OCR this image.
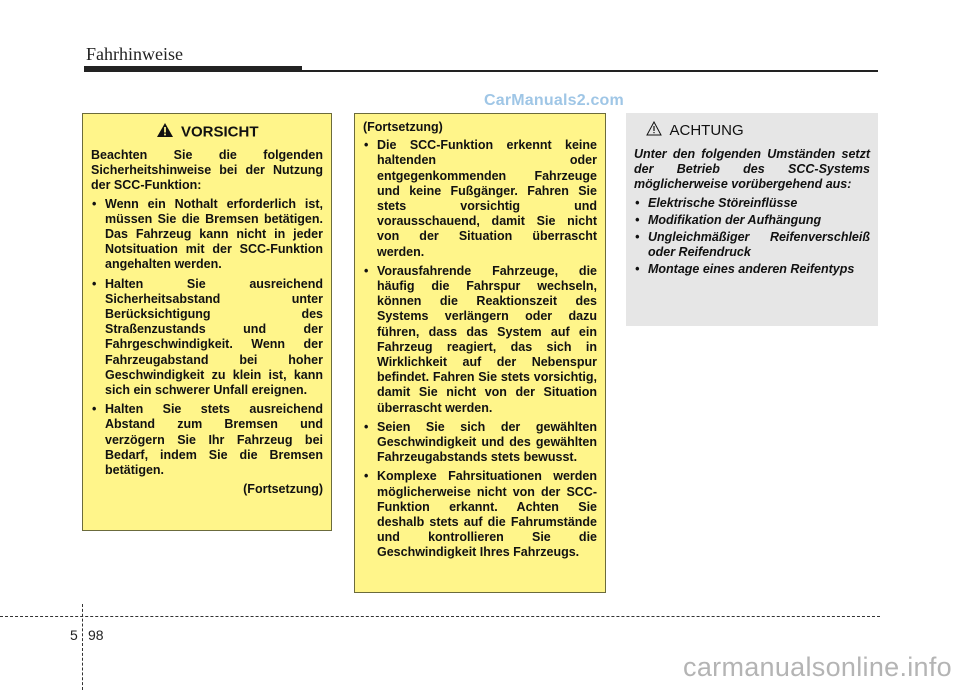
Fahrhinweise
CarManuals2.com
VORSICHT
Beachten Sie die folgenden Sicherheitshinweise bei der Nutzung der SCC-Funktion:
• Wenn ein Nothalt erforderlich ist, müssen Sie die Bremsen betätigen. Das Fahrzeug kann nicht in jeder Notsituation mit der SCC-Funktion angehalten werden.
• Halten Sie ausreichend Sicherheitsabstand unter Berücksichtigung des Straßenzustands und der Fahrgeschwindigkeit. Wenn der Fahrzeugabstand bei hoher Geschwindigkeit zu klein ist, kann sich ein schwerer Unfall ereignen.
• Halten Sie stets ausreichend Abstand zum Bremsen und verzögern Sie Ihr Fahrzeug bei Bedarf, indem Sie die Bremsen betätigen.
(Fortsetzung)
(Fortsetzung)
• Die SCC-Funktion erkennt keine haltenden oder entgegenkommenden Fahrzeuge und keine Fußgänger. Fahren Sie stets vorsichtig und vorausschauend, damit Sie nicht von der Situation überrascht werden.
• Vorausfahrende Fahrzeuge, die häufig die Fahrspur wechseln, können die Reaktionszeit des Systems verlängern oder dazu führen, dass das System auf ein Fahrzeug reagiert, das sich in Wirklichkeit auf der Nebenspur befindet. Fahren Sie stets vorsichtig, damit Sie nicht von der Situation überrascht werden.
• Seien Sie sich der gewählten Geschwindigkeit und des gewählten Fahrzeugabstands stets bewusst.
• Komplexe Fahrsituationen werden möglicherweise nicht von der SCC-Funktion erkannt. Achten Sie deshalb stets auf die Fahrumstände und kontrollieren Sie die Geschwindigkeit Ihres Fahrzeugs.
ACHTUNG
Unter den folgenden Umständen setzt der Betrieb des SCC-Systems möglicherweise vorübergehend aus:
• Elektrische Störeinflüsse
• Modifikation der Aufhängung
• Ungleichmäßiger Reifenverschleiß oder Reifendruck
• Montage eines anderen Reifentyps
5 98
carmanualsonline.info
